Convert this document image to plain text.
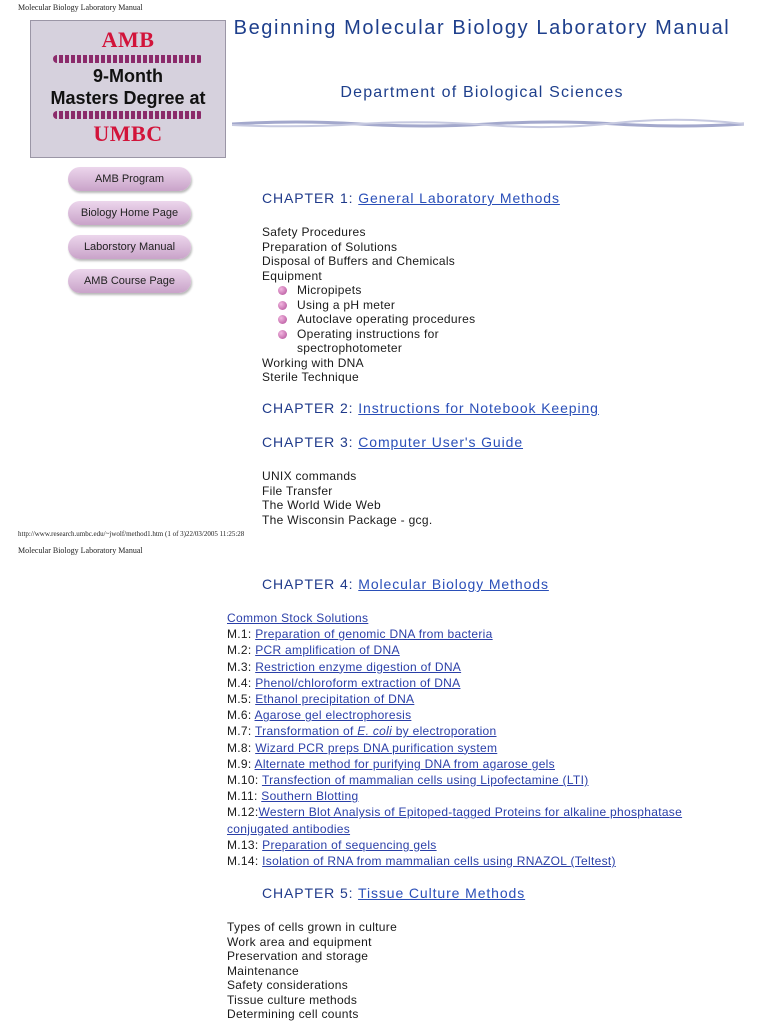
Molecular Biology Laboratory Manual
AMB
9-Month
Masters Degree at
UMBC
AMB Program
Biology Home Page
Laborstory Manual
AMB Course Page
Beginning Molecular Biology Laboratory Manual
Department of Biological Sciences
CHAPTER 1: General Laboratory Methods
Safety Procedures
Preparation of Solutions
Disposal of Buffers and Chemicals
Equipment
Micropipets
Using a pH meter
Autoclave operating procedures
Operating instructions for spectrophotometer
Working with DNA
Sterile Technique
CHAPTER 2: Instructions for Notebook Keeping
CHAPTER 3: Computer User's Guide
UNIX commands
File Transfer
The World Wide Web
The Wisconsin Package - gcg.
http://www.research.umbc.edu/~jwolf/method1.htm (1 of 3)22/03/2005 11:25:28
Molecular Biology Laboratory Manual
CHAPTER 4: Molecular Biology Methods
Common Stock Solutions
M.1: Preparation of genomic DNA from bacteria
M.2: PCR amplification of DNA
M.3: Restriction enzyme digestion of DNA
M.4: Phenol/chloroform extraction of DNA
M.5: Ethanol precipitation of DNA
M.6: Agarose gel electrophoresis
M.7: Transformation of E. coli by electroporation
M.8: Wizard PCR preps DNA purification system
M.9: Alternate method for purifying DNA from agarose gels
M.10: Transfection of mammalian cells using Lipofectamine (LTI)
M.11: Southern Blotting
M.12:Western Blot Analysis of Epitoped-tagged Proteins for alkaline phosphatase
conjugated antibodies
M.13: Preparation of sequencing gels
M.14: Isolation of RNA from mammalian cells using RNAZOL (Teltest)
CHAPTER 5: Tissue Culture Methods
Types of cells grown in culture
Work area and equipment
Preservation and storage
Maintenance
Safety considerations
Tissue culture methods
Determining cell counts
